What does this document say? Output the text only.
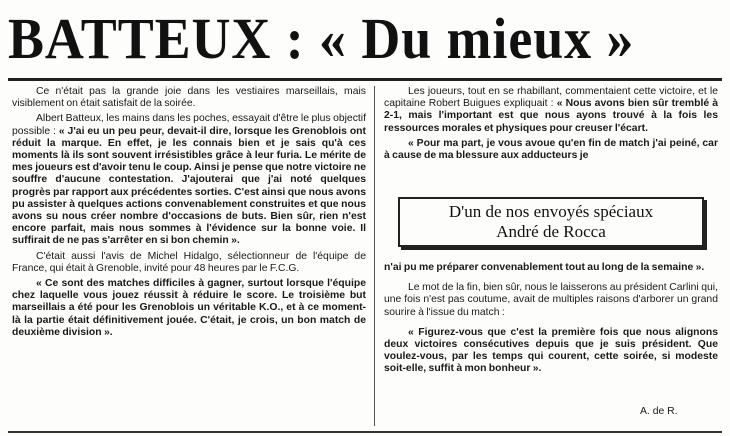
BATTEUX : « Du mieux »

Ce n'était pas la grande joie dans les vestiaires marseillais, mais visiblement on était satisfait de la soirée.

Albert Batteux, les mains dans les poches, essayait d'être le plus objectif possible : « J'ai eu un peu peur, devait-il dire, lorsque les Grenoblois ont réduit la marque. En effet, je les connais bien et je sais qu'à ces moments là ils sont souvent irrésistibles grâce à leur furia. Le mérite de mes joueurs est d'avoir tenu le coup. Ainsi je pense que notre victoire ne souffre d'aucune contestation. J'ajouterai que j'ai noté quelques progrès par rapport aux précédentes sorties. C'est ainsi que nous avons pu assister à quelques actions convenablement construites et que nous avons su nous créer nombre d'occasions de buts. Bien sûr, rien n'est encore parfait, mais nous sommes à l'évidence sur la bonne voie. Il suffirait de ne pas s'arrêter en si bon chemin ».

C'était aussi l'avis de Michel Hidalgo, sélectionneur de l'équipe de France, qui était à Grenoble, invité pour 48 heures par le F.C.G.

« Ce sont des matches difficiles à gagner, surtout lorsque l'équipe chez laquelle vous jouez réussit à réduire le score. Le troisième but marseillais a été pour les Grenoblois un véritable K.O., et à ce moment-là la partie était définitivement jouée. C'était, je crois, un bon match de deuxième division ».

Les joueurs, tout en se rhabillant, commentaient cette victoire, et le capitaine Robert Buigues expliquait : « Nous avons bien sûr tremblé à 2-1, mais l'important est que nous ayons trouvé à la fois les ressources morales et physiques pour creuser l'écart.

« Pour ma part, je vous avoue qu'en fin de match j'ai peiné, car à cause de ma blessure aux adducteurs je

D'un de nos envoyés spéciaux
André de Rocca

n'ai pu me préparer convenablement tout au long de la semaine ».

Le mot de la fin, bien sûr, nous le laisserons au président Carlini qui, une fois n'est pas coutume, avait de multiples raisons d'arborer un grand sourire à l'issue du match :

« Figurez-vous que c'est la première fois que nous alignons deux victoires consécutives depuis que je suis président. Que voulez-vous, par les temps qui courent, cette soirée, si modeste soit-elle, suffit à mon bonheur ».

A. de R.
